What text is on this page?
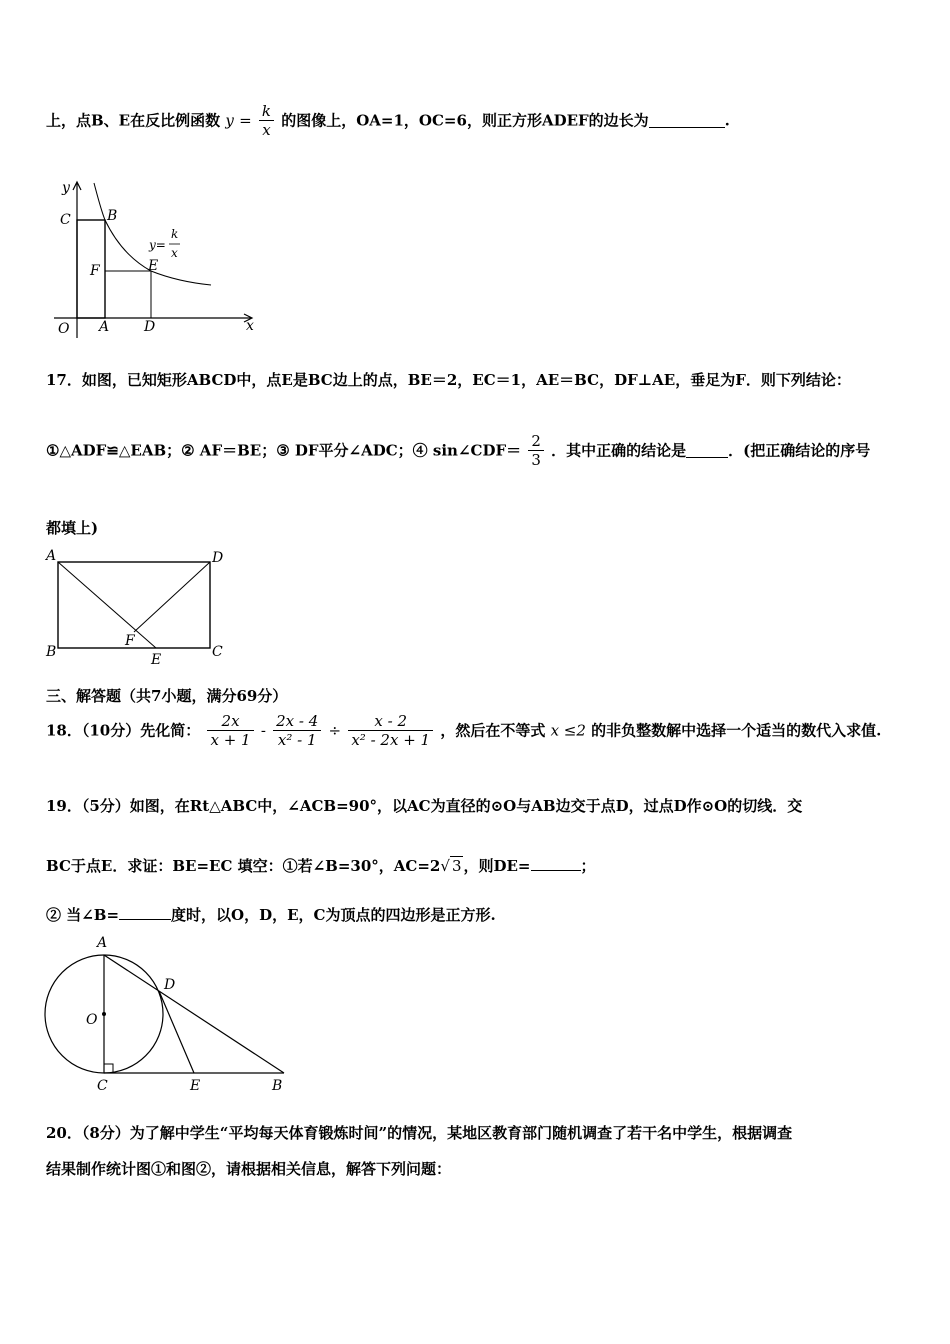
上，点B、E在反比例函数 $y = \frac{k}{x}$ 的图像上，OA=1，OC=6，则正方形ADEF的边长为	.
y
x
O A D
C	B
F	E
y=
k
x
17．如图，已知矩形ABCD中，点E是BC边上的点，BE＝2，EC＝1，AE＝BC，DF⊥AE，垂足为F．则下列结论：
①△ADF≌△EAB；② AF＝BE；③ DF平分∠ADC；④ sin∠CDF＝ $\frac{2}{3}$ ．其中正确的结论是	．(把正确结论的序号
都填上)
A	D
B	C
F
E
三、解答题（共7小题，满分69分）
18．（10分）先化简： $\frac{2x}{x + 1} - \frac{2x - 4}{\text{x² - 1}} \div \frac{x - 2}{\text{x² - 2x + 1}}$ ，然后在不等式 x ≤2 的非负整数解中选择一个适当的数代入求值.
19．（5分）如图，在Rt△ABC中，∠ACB=90°，以AC为直径的⊙O与AB边交于点D，过点D作⊙O的切线．交
BC于点E．求证：BE=EC 填空：①若∠B=30°，AC=2√ 3 ，则DE=	；
② 当∠B=	度时，以O，D，E，C为顶点的四边形是正方形.
A
D
O
C	E	B
20．（8分）为了解中学生“平均每天体育锻炼时间”的情况，某地区教育部门随机调查了若干名中学生，根据调查
结果制作统计图①和图②，请根据相关信息，解答下列问题：
